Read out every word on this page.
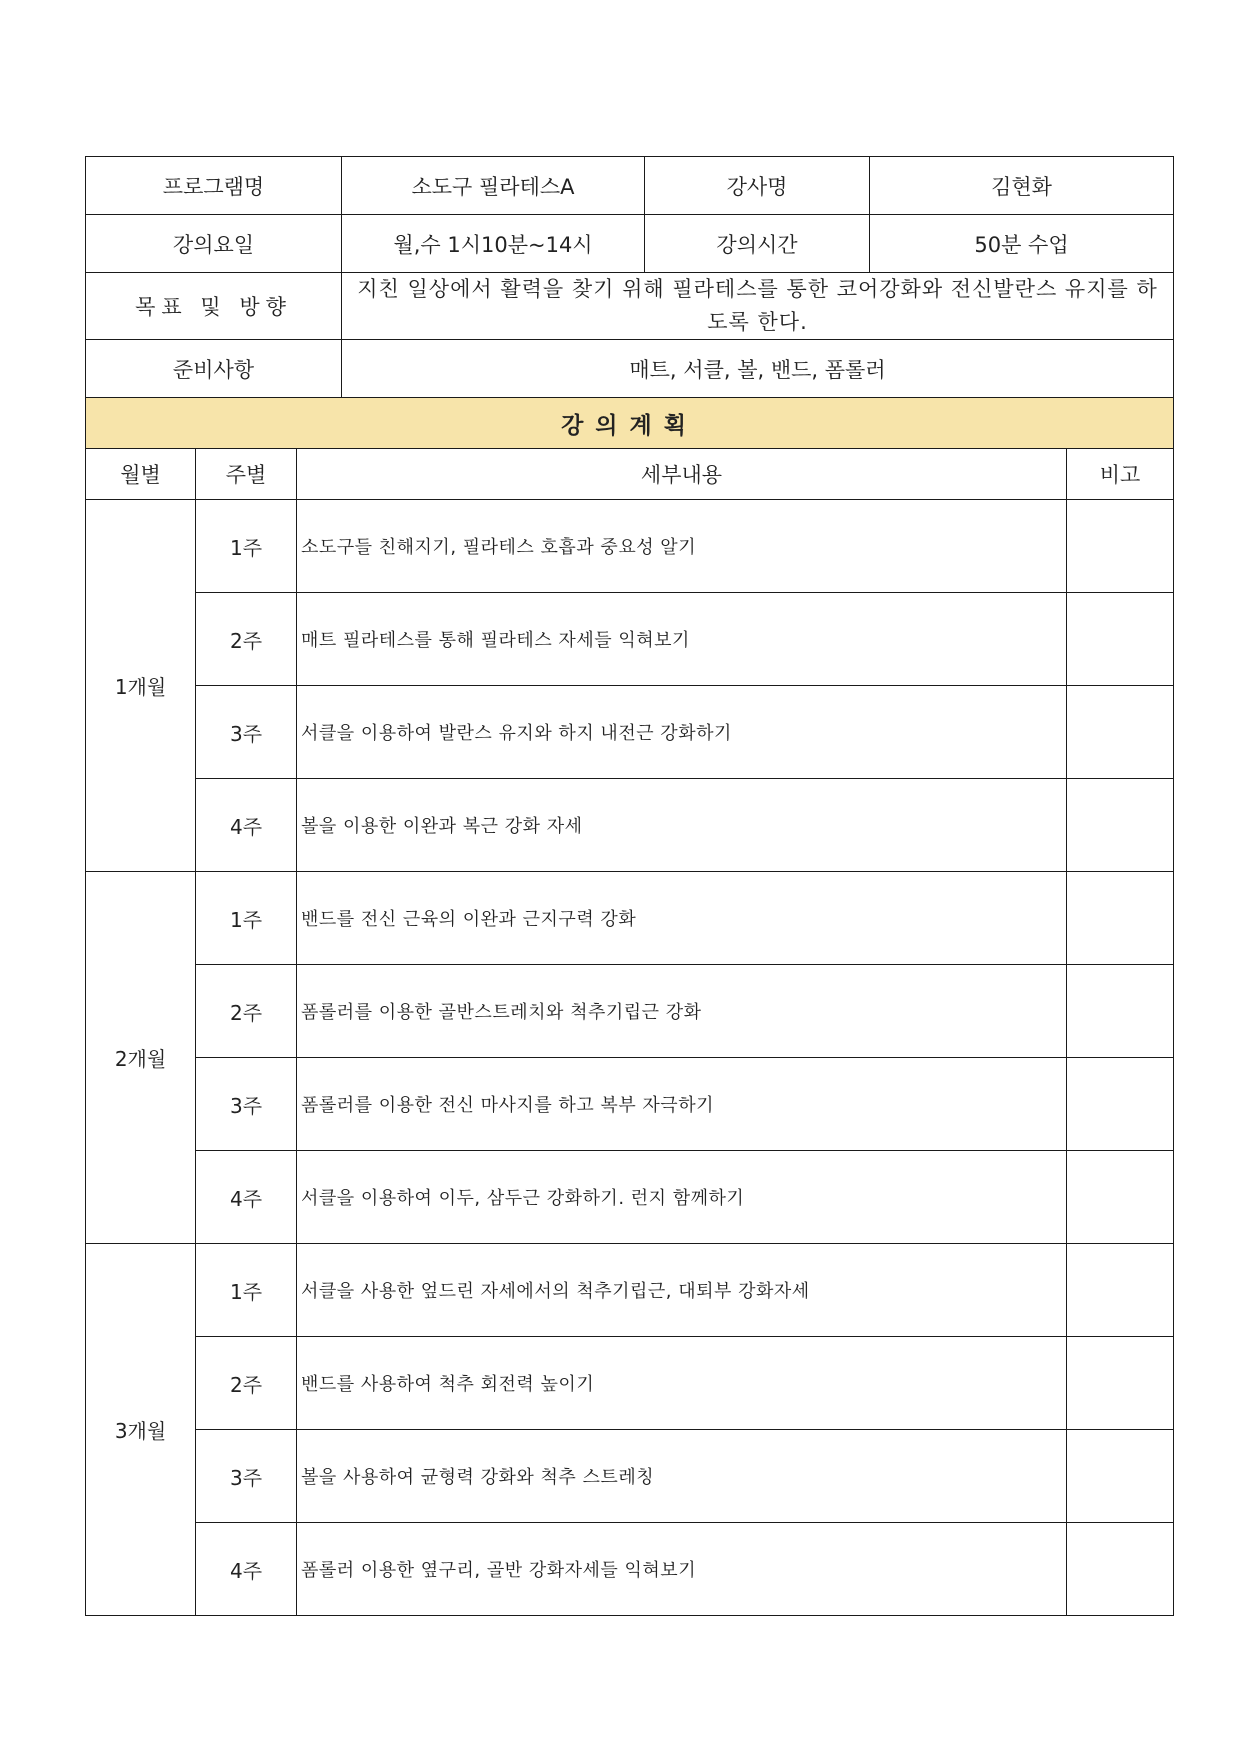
프로그램명	소도구 필라테스A	강사명	김현화
강의요일	월,수 1시10분~14시	강의시간	50분 수업
목표 및 방향	지친 일상에서 활력을 찾기 위해 필라테스를 통한 코어강화와 전신발란스 유지를 하도록 한다.		

준비사항	매트, 서클, 볼, 밴드, 폼롤러		
강의계획			
월별	주별	세부내용	비고
1개월	1주	소도구들 친해지기, 필라테스 호흡과 중요성 알기	
	2주	매트 필라테스를 통해 필라테스 자세들 익혀보기	
	3주	서클을 이용하여 발란스 유지와 하지 내전근 강화하기	
	4주	볼을 이용한 이완과 복근 강화 자세	
2개월	1주	밴드를 전신 근육의 이완과 근지구력 강화	
	2주	폼롤러를 이용한 골반스트레치와 척추기립근 강화	
	3주	폼롤러를 이용한 전신 마사지를 하고 복부 자극하기	
	4주	서클을 이용하여 이두, 삼두근 강화하기. 런지 함께하기	
3개월	1주	서클을 사용한 엎드린 자세에서의 척추기립근, 대퇴부 강화자세	
	2주	밴드를 사용하여 척추 회전력 높이기	
	3주	볼을 사용하여 균형력 강화와 척추 스트레칭	
	4주	폼롤러 이용한 옆구리, 골반 강화자세들 익혀보기	
